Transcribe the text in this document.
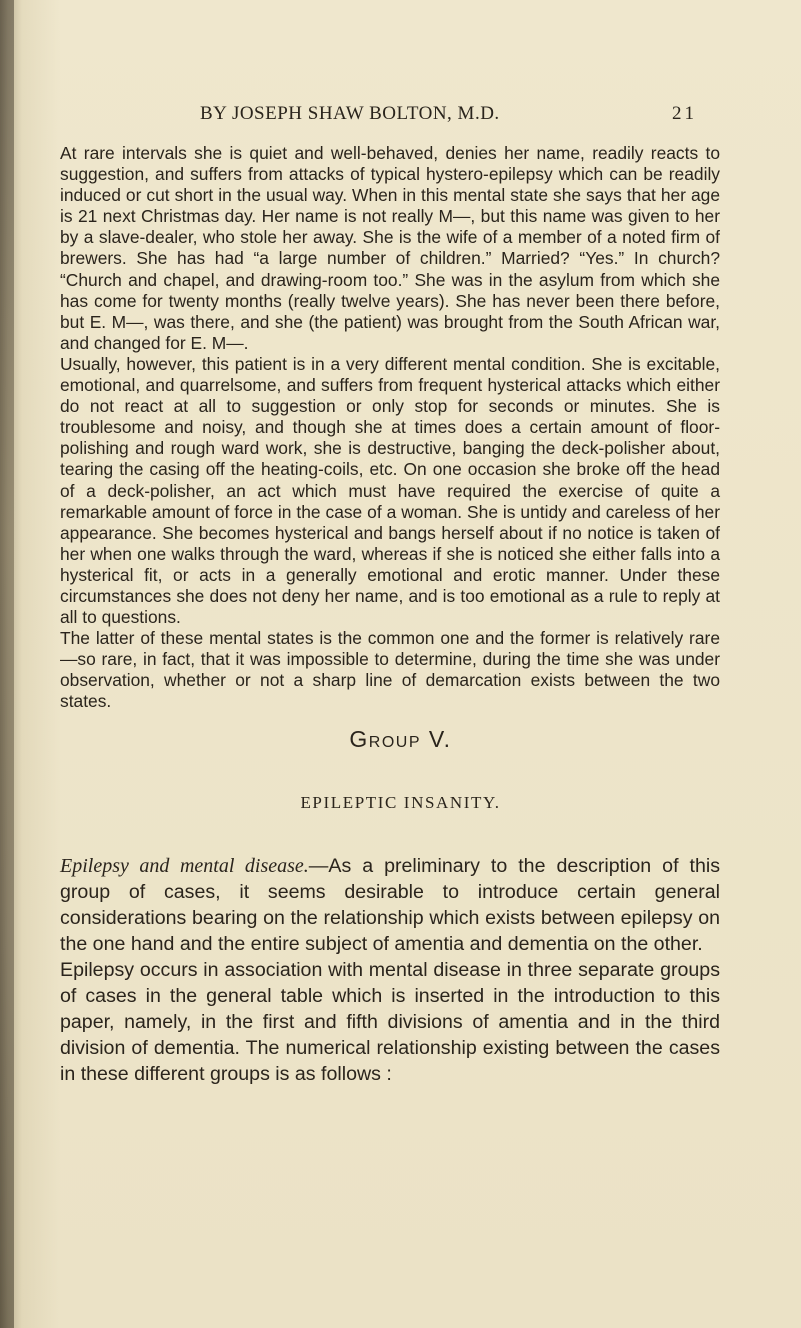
BY JOSEPH SHAW BOLTON, M.D.	21

At rare intervals she is quiet and well-behaved, denies her name, readily reacts to suggestion, and suffers from attacks of typical hystero-epilepsy which can be readily induced or cut short in the usual way. When in this mental state she says that her age is 21 next Christmas day. Her name is not really M—, but this name was given to her by a slave-dealer, who stole her away. She is the wife of a member of a noted firm of brewers. She has had “a large number of children.” Married? “Yes.” In church? “Church and chapel, and drawing-room too.” She was in the asylum from which she has come for twenty months (really twelve years). She has never been there before, but E. M—, was there, and she (the patient) was brought from the South African war, and changed for E. M—.

Usually, however, this patient is in a very different mental condition. She is excitable, emotional, and quarrelsome, and suffers from frequent hysterical attacks which either do not react at all to suggestion or only stop for seconds or minutes. She is troublesome and noisy, and though she at times does a certain amount of floor-polishing and rough ward work, she is destructive, banging the deck-polisher about, tearing the casing off the heating-coils, etc. On one occasion she broke off the head of a deck-polisher, an act which must have required the exercise of quite a remarkable amount of force in the case of a woman. She is untidy and careless of her appearance. She becomes hysterical and bangs herself about if no notice is taken of her when one walks through the ward, whereas if she is noticed she either falls into a hysterical fit, or acts in a generally emotional and erotic manner. Under these circumstances she does not deny her name, and is too emotional as a rule to reply at all to questions.

The latter of these mental states is the common one and the former is relatively rare—so rare, in fact, that it was impossible to determine, during the time she was under observation, whether or not a sharp line of demarcation exists between the two states.

Group V.
EPILEPTIC INSANITY.

Epilepsy and mental disease.—As a preliminary to the description of this group of cases, it seems desirable to introduce certain general considerations bearing on the relationship which exists between epilepsy on the one hand and the entire subject of amentia and dementia on the other.

Epilepsy occurs in association with mental disease in three separate groups of cases in the general table which is inserted in the introduction to this paper, namely, in the first and fifth divisions of amentia and in the third division of dementia. The numerical relationship existing between the cases in these different groups is as follows :
